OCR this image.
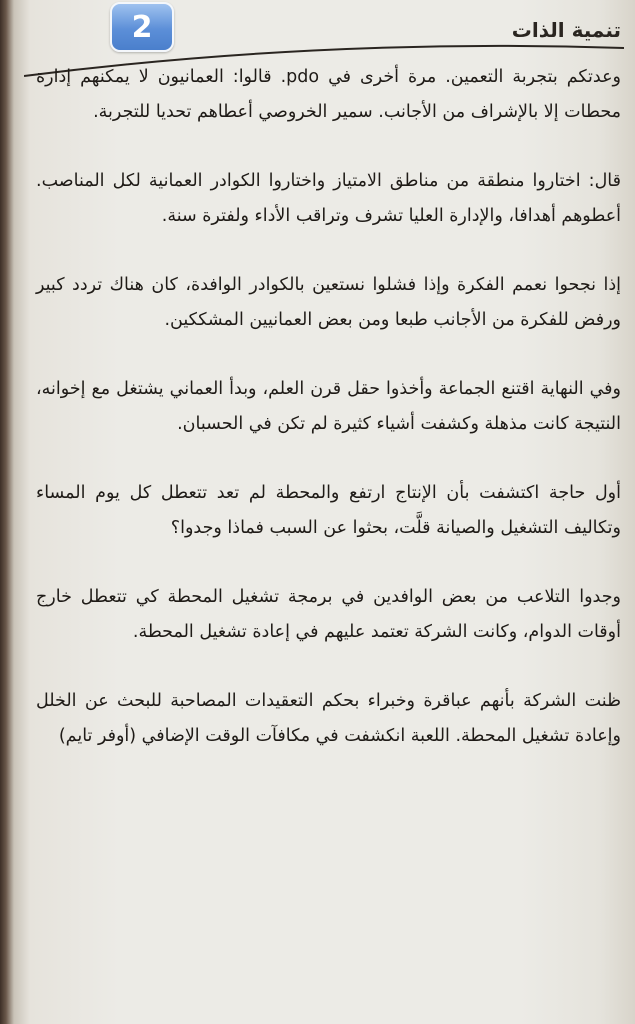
2	تنمية الذات

وعدتكم بتجربة التعمين. مرة أخرى في pdo. قالوا: العمانيون لا يمكنهم إدارة محطات إلا بالإشراف من الأجانب. سمير الخروصي أعطاهم تحديا للتجربة.

قال: اختاروا منطقة من مناطق الامتياز واختاروا الكوادر العمانية لكل المناصب. أعطوهم أهدافا، والإدارة العليا تشرف وتراقب الأداء ولفترة سنة.

إذا نجحوا نعمم الفكرة وإذا فشلوا نستعين بالكوادر الوافدة، كان هناك تردد كبير ورفض للفكرة من الأجانب طبعا ومن بعض العمانيين المشككين.

وفي النهاية اقتنع الجماعة وأخذوا حقل قرن العلم، وبدأ العماني يشتغل مع إخوانه، النتيجة كانت مذهلة وكشفت أشياء كثيرة لم تكن في الحسبان.

أول حاجة اكتشفت بأن الإنتاج ارتفع والمحطة لم تعد تتعطل كل يوم المساء وتكاليف التشغيل والصيانة قلَّت، بحثوا عن السبب فماذا وجدوا؟

وجدوا التلاعب من بعض الوافدين في برمجة تشغيل المحطة كي تتعطل خارج أوقات الدوام، وكانت الشركة تعتمد عليهم في إعادة تشغيل المحطة.

ظنت الشركة بأنهم عباقرة وخبراء بحكم التعقيدات المصاحبة للبحث عن الخلل وإعادة تشغيل المحطة. اللعبة انكشفت في مكافآت الوقت الإضافي (أوفر تايم)
